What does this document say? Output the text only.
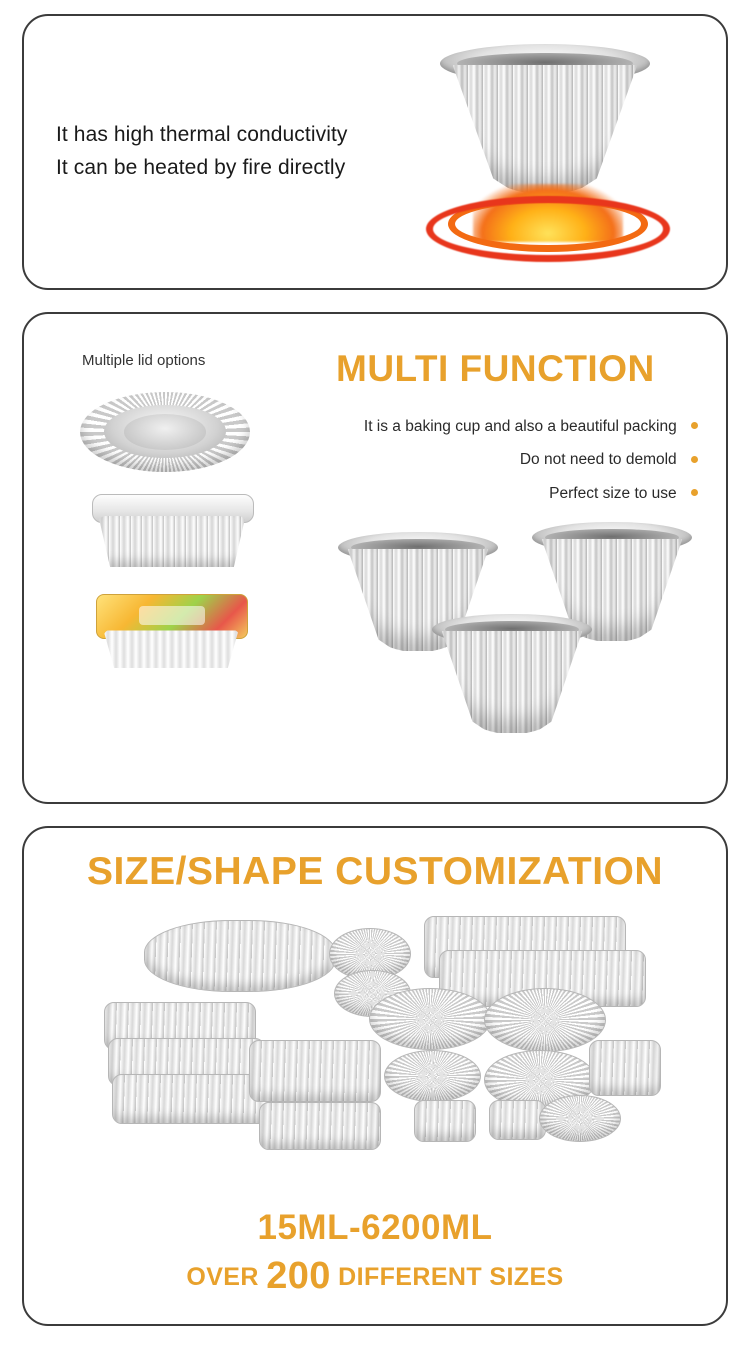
It has high thermal conductivity
It can be heated by fire directly
Multiple lid options	MULTI FUNCTION
It is a baking cup and also a beautiful packing
Do not need to demold
Perfect size to use
SIZE/SHAPE CUSTOMIZATION
15ML-6200ML
OVER 200 DIFFERENT SIZES
